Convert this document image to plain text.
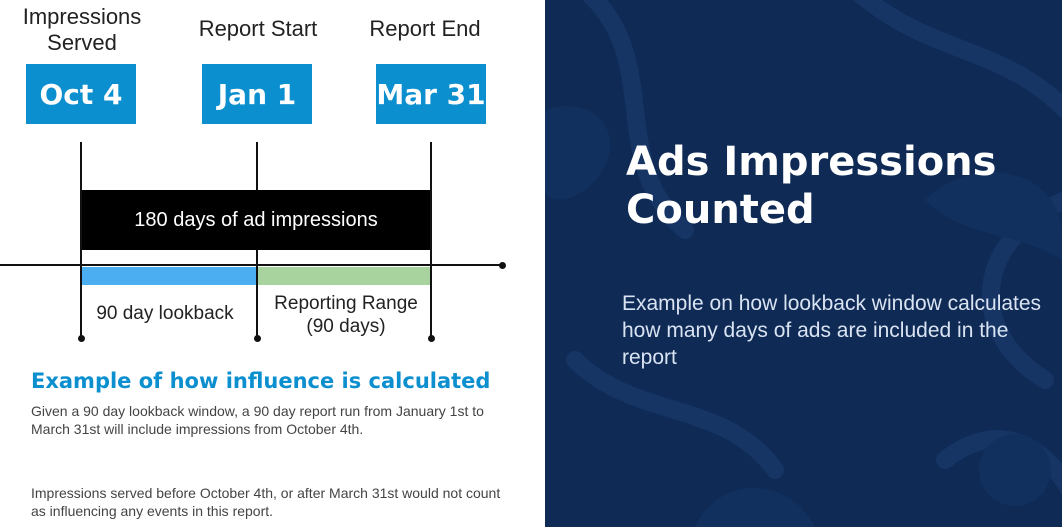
Impressions Served
Report Start	Report End
Oct 4	Jan 1	Mar 31
180 days of ad impressions
90 day lookback	Reporting Range (90 days)
Example of how influence is calculated

Given a 90 day lookback window, a 90 day report run from January 1st to March 31st will include impressions from October 4th.

Impressions served before October 4th, or after March 31st would not count as influencing any events in this report.

Ads Impressions Counted

Example on how lookback window calculates how many days of ads are included in the report
